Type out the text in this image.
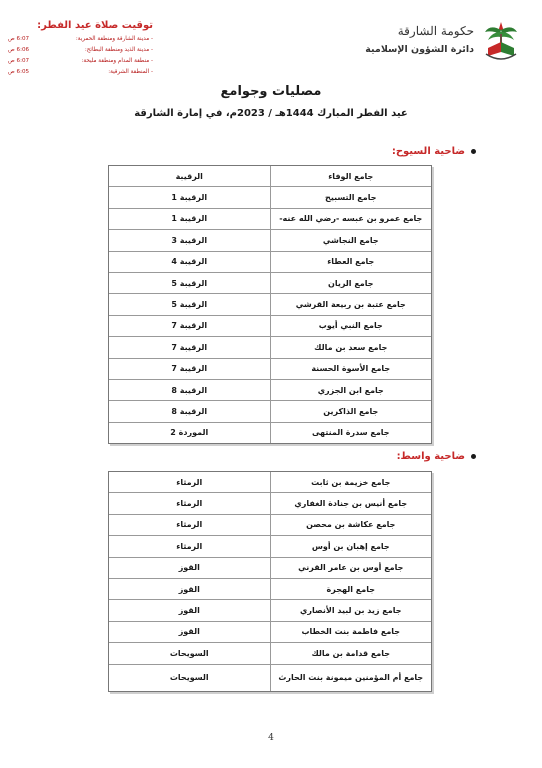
توقيت صلاة عيد الفطر:
- مدينة الشارقة ومنطقة الحمرية:
6:07 ص
- مدينة الذيد ومنطقة البطائح:
6:06 ص
- منطقة المدام ومنطقة مليحة:
6:07 ص
- المنطقة الشرقية:
6:05 ص
حكومة الشارقة
دائرة الشؤون الإسلامية
مصليات وجوامع
عيد الفطر المبارك 1444هـ / 2023م، في إمارة الشارقة
ضاحية السيوح:
جامع الوفاء
الرقيبة
جامع التسبيح
الرقيبة 1
جامع عمرو بن عبسه -رضي الله عنه-
الرقيبة 1
جامع النجاشي
الرقيبة 3
جامع العطاء
الرقيبة 4
جامع الريان
الرقيبة 5
جامع عتبة بن ربيعة القرشي
الرقيبة 5
جامع النبي أيوب
الرقيبة 7
جامع سعد بن مالك
الرقيبة 7
جامع الأسوة الحسنة
الرقيبة 7
جامع ابن الجزري
الرقيبة 8
جامع الذاكرين
الرقيبة 8
جامع سدرة المنتهى
الموردة 2
ضاحية واسط:
جامع خزيمة بن ثابت
الرمثاء
جامع أنيس بن جنادة الغفاري
الرمثاء
جامع عكاشة بن محصن
الرمثاء
جامع إهبان بن أوس
الرمثاء
جامع أوس بن عامر القرني
القوز
جامع الهجرة
القوز
جامع زيد بن لبيد الأنصاري
القوز
جامع فاطمة بنت الخطاب
القوز
جامع قدامة بن مالك
السويحات
جامع أم المؤمنين ميمونة بنت الحارث
السويحات
4
